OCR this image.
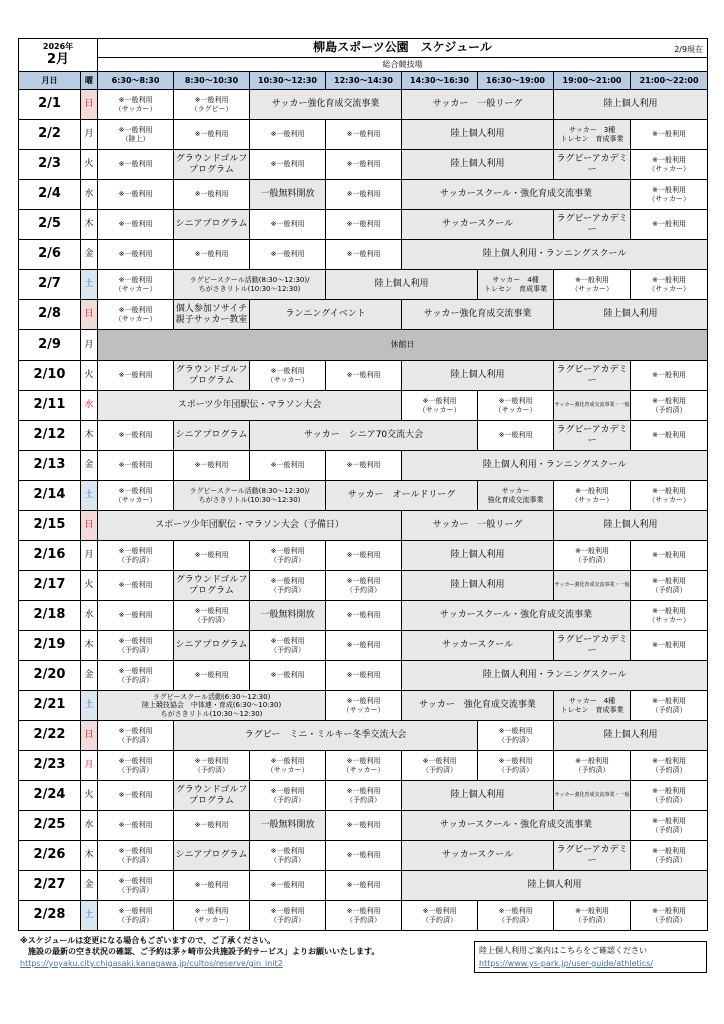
2026年
2月		柳島スポーツ公園　スケジュール 2/9現在							

		総合競技場							
月日	曜	6:30～8:30	8:30～10:30	10:30～12:30	12:30～14:30	14:30～16:30	16:30～19:00	19:00～21:00	21:00～22:00
2/1	日	※一般利用
（サッカー）	※一般利用
（ラグビー）	サッカー強化育成交流事業		サッカー　一般リーグ		陸上個人利用	

2/2	月	※一般利用
（陸上）	※一般利用	※一般利用	※一般利用	陸上個人利用		サッカー　3種
トレセン　育成事業	※一般利用

2/3	火	※一般利用	グラウンドゴルフ
プログラム	※一般利用	※一般利用	陸上個人利用		ラグビーアカデミー	※一般利用
（サッカー）

2/4	水	※一般利用	※一般利用	一般無料開放	※一般利用	サッカースクール・強化育成交流事業			※一般利用
（サッカー）

2/5	木	※一般利用	シニアプログラム	※一般利用	※一般利用	サッカースクール		ラグビーアカデミー	※一般利用

2/6	金	※一般利用	※一般利用	※一般利用	※一般利用	陸上個人利用・ランニングスクール			

2/7	土	※一般利用
（サッカー）	ラグビースクール活動(8:30～12:30)/
ちがさきリトル(10:30～12:30)		陸上個人利用		サッカー　4種
トレセン　育成事業	※一般利用
（サッカー）	※一般利用
（サッカー）

2/8	日	※一般利用
（サッカー）	個人参加ソサイチ
親子サッカー教室	ランニングイベント		サッカー強化育成交流事業		陸上個人利用	

2/9	月	休館日							

2/10	火	※一般利用	グラウンドゴルフ
プログラム	※一般利用
（サッカー）	※一般利用	陸上個人利用		ラグビーアカデミー	※一般利用

2/11	水	スポーツ少年団駅伝・マラソン大会				※一般利用
（サッカー）	※一般利用
（サッカー）	サッカー強化育成交流事業・一般	※一般利用
（予約済）

2/12	木	※一般利用	シニアプログラム	サッカー　シニア70交流大会			※一般利用	ラグビーアカデミー	※一般利用

2/13	金	※一般利用	※一般利用	※一般利用	※一般利用	陸上個人利用・ランニングスクール			

2/14	土	※一般利用
（サッカー）	ラグビースクール活動(8:30～12:30)/
ちがさきリトル(10:30～12:30)		サッカー　オールドリーグ		サッカー
強化育成交流事業	※一般利用
（サッカー）	※一般利用
（サッカー）

2/15	日	スポーツ少年団駅伝・マラソン大会（予備日）				サッカー　一般リーグ		陸上個人利用	

2/16	月	※一般利用
（予約済）	※一般利用	※一般利用
（予約済）	※一般利用	陸上個人利用		※一般利用
（予約済）	※一般利用

2/17	火	※一般利用	グラウンドゴルフ
プログラム	※一般利用
（予約済）	※一般利用
（予約済）	陸上個人利用		サッカー強化育成交流事業・一般	※一般利用
（予約済）

2/18	水	※一般利用	※一般利用
（予約済）	一般無料開放	※一般利用	サッカースクール・強化育成交流事業			※一般利用
（サッカー）

2/19	木	※一般利用
（予約済）	シニアプログラム	※一般利用
（予約済）	※一般利用	サッカースクール		ラグビーアカデミー	※一般利用

2/20	金	※一般利用
（予約済）	※一般利用	※一般利用	※一般利用	陸上個人利用・ランニングスクール			

2/21	土	ラグビースクール活動(6:30～12:30)
陸上競技協会　中体連・育成(6:30～10:30)
ちがさきリトル(10:30～12:30)			※一般利用
（サッカー）	サッカー　強化育成交流事業		サッカー　4種
トレセン　育成事業	※一般利用
（予約済）

2/22	日	※一般利用
（予約済）	ラグビー　ミニ・ミルキー冬季交流大会				※一般利用
（予約済）	陸上個人利用	

2/23	月	※一般利用
（予約済）	※一般利用
（予約済）	※一般利用
（サッカー）	※一般利用
（サッカー）	※一般利用
（予約済）	※一般利用
（予約済）	※一般利用
（予約済）	※一般利用
（予約済）

2/24	火	※一般利用	グラウンドゴルフ
プログラム	※一般利用
（予約済）	※一般利用
（予約済）	陸上個人利用		サッカー強化育成交流事業・一般	※一般利用
（予約済）

2/25	水	※一般利用	※一般利用	一般無料開放	※一般利用	サッカースクール・強化育成交流事業			※一般利用
（予約済）

2/26	木	※一般利用
（予約済）	シニアプログラム	※一般利用
（予約済）	※一般利用	サッカースクール		ラグビーアカデミー	※一般利用
（予約済）

2/27	金	※一般利用
（予約済）	※一般利用	※一般利用	※一般利用	陸上個人利用			

2/28	土	※一般利用
（予約済）	※一般利用
（サッカー）	※一般利用
（予約済）	※一般利用
（予約済）	※一般利用
（予約済）	※一般利用
（予約済）	※一般利用
（予約済）	※一般利用
（予約済）
※スケジュールは変更になる場合もございますので、ご了承ください。
　施設の最新の空き状況の確認、ご予約は茅ヶ崎市公共施設予約サービス」よりお願いいたします。
https://yoyaku.city.chigasaki.kanagawa.jp/cultos/reserve/gin_init2
陸上個人利用ご案内はこちらをご確認ください
https://www.ys-park.jp/user-guide/athletics/
